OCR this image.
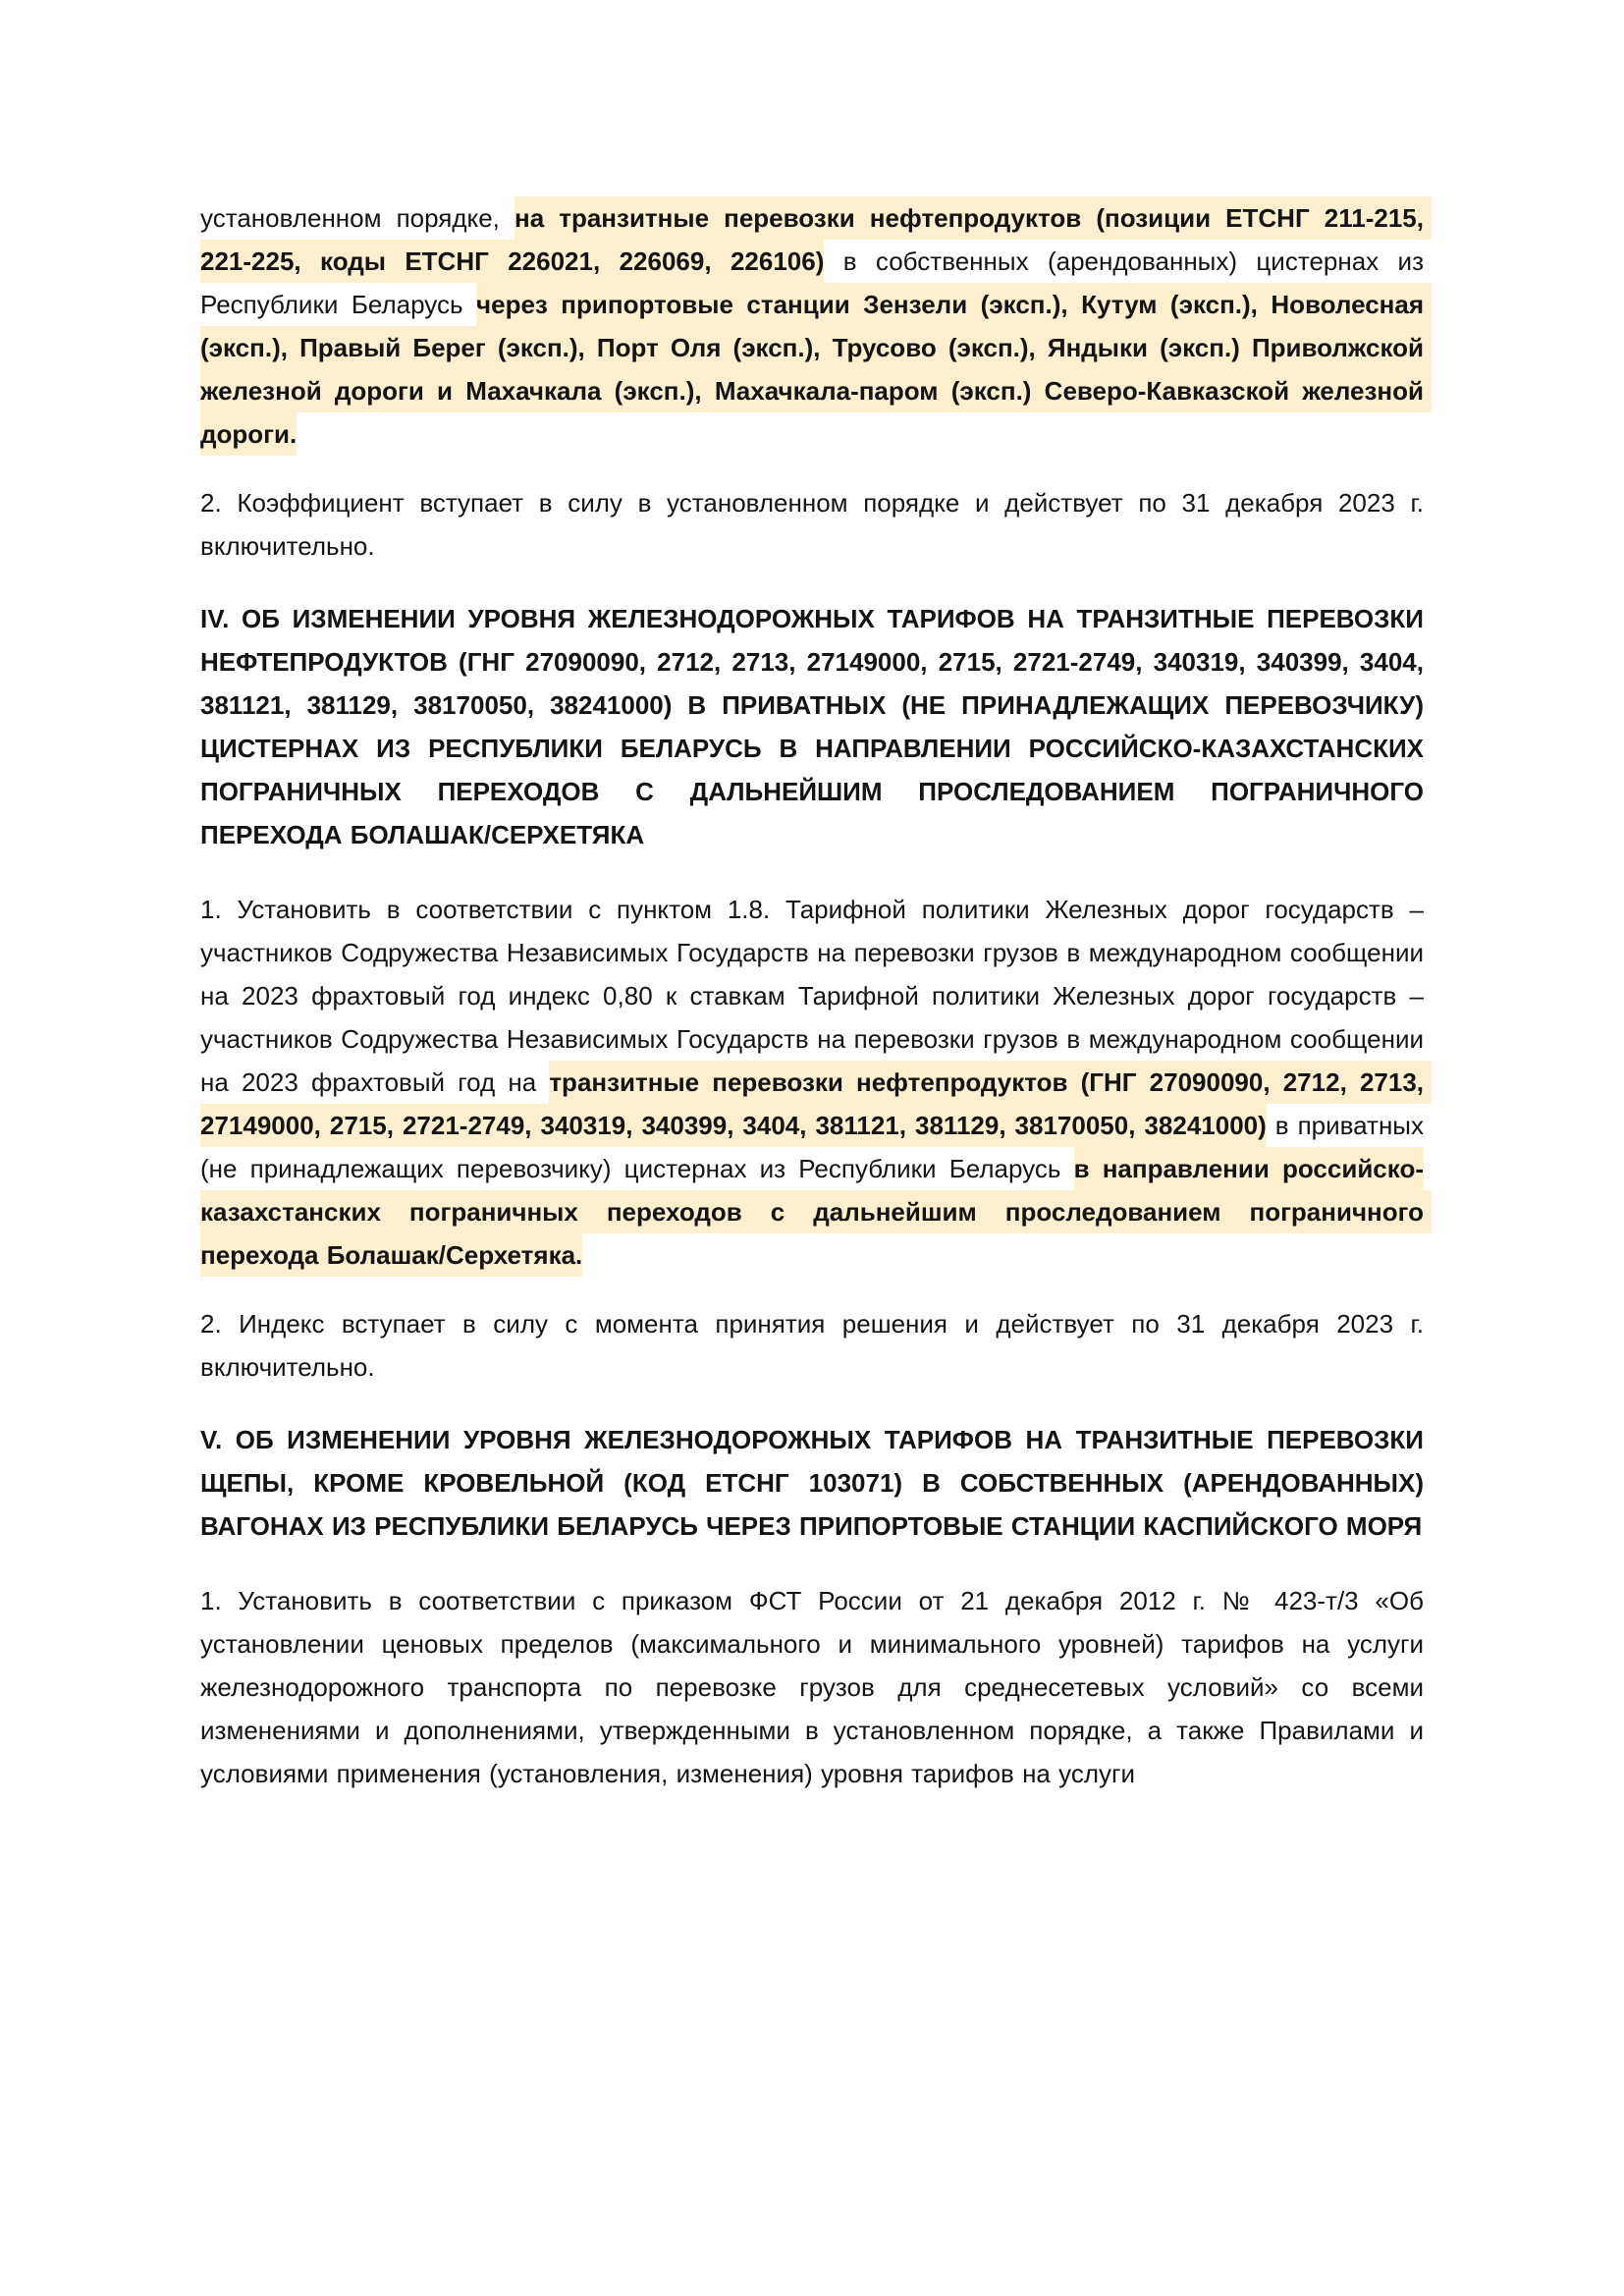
установленном порядке, на транзитные перевозки нефтепродуктов (позиции ЕТСНГ 211-215, 221-225, коды ЕТСНГ 226021, 226069, 226106) в собственных (арендованных) цистернах из Республики Беларусь через припортовые станции Зензели (эксп.), Кутум (эксп.), Новолесная (эксп.), Правый Берег (эксп.), Порт Оля (эксп.), Трусово (эксп.), Яндыки (эксп.) Приволжской железной дороги и Махачкала (эксп.), Махачкала-паром (эксп.) Северо-Кавказской железной дороги.

2. Коэффициент вступает в силу в установленном порядке и действует по 31 декабря 2023 г. включительно.

IV. ОБ ИЗМЕНЕНИИ УРОВНЯ ЖЕЛЕЗНОДОРОЖНЫХ ТАРИФОВ НА ТРАНЗИТНЫЕ ПЕРЕВОЗКИ НЕФТЕПРОДУКТОВ (ГНГ 27090090, 2712, 2713, 27149000, 2715, 2721-2749, 340319, 340399, 3404, 381121, 381129, 38170050, 38241000) В ПРИВАТНЫХ (НЕ ПРИНАДЛЕЖАЩИХ ПЕРЕВОЗЧИКУ) ЦИСТЕРНАХ ИЗ РЕСПУБЛИКИ БЕЛАРУСЬ В НАПРАВЛЕНИИ РОССИЙСКО-КАЗАХСТАНСКИХ ПОГРАНИЧНЫХ ПЕРЕХОДОВ С ДАЛЬНЕЙШИМ ПРОСЛЕДОВАНИЕМ ПОГРАНИЧНОГО ПЕРЕХОДА БОЛАШАК/СЕРХЕТЯКА

1. Установить в соответствии с пунктом 1.8. Тарифной политики Железных дорог государств – участников Содружества Независимых Государств на перевозки грузов в международном сообщении на 2023 фрахтовый год индекс 0,80 к ставкам Тарифной политики Железных дорог государств – участников Содружества Независимых Государств на перевозки грузов в международном сообщении на 2023 фрахтовый год на транзитные перевозки нефтепродуктов (ГНГ 27090090, 2712, 2713, 27149000, 2715, 2721-2749, 340319, 340399, 3404, 381121, 381129, 38170050, 38241000) в приватных (не принадлежащих перевозчику) цистернах из Республики Беларусь в направлении российско-казахстанских пограничных переходов с дальнейшим проследованием пограничного перехода Болашак/Серхетяка.

2. Индекс вступает в силу с момента принятия решения и действует по 31 декабря 2023 г. включительно.

V. ОБ ИЗМЕНЕНИИ УРОВНЯ ЖЕЛЕЗНОДОРОЖНЫХ ТАРИФОВ НА ТРАНЗИТНЫЕ ПЕРЕВОЗКИ ЩЕПЫ, КРОМЕ КРОВЕЛЬНОЙ (КОД ЕТСНГ 103071) В СОБСТВЕННЫХ (АРЕНДОВАННЫХ) ВАГОНАХ ИЗ РЕСПУБЛИКИ БЕЛАРУСЬ ЧЕРЕЗ ПРИПОРТОВЫЕ СТАНЦИИ КАСПИЙСКОГО МОРЯ

1. Установить в соответствии с приказом ФСТ России от 21 декабря 2012 г. № 423-т/3 «Об установлении ценовых пределов (максимального и минимального уровней) тарифов на услуги железнодорожного транспорта по перевозке грузов для среднесетевых условий» со всеми изменениями и дополнениями, утвержденными в установленном порядке, а также Правилами и условиями применения (установления, изменения) уровня тарифов на услуги
